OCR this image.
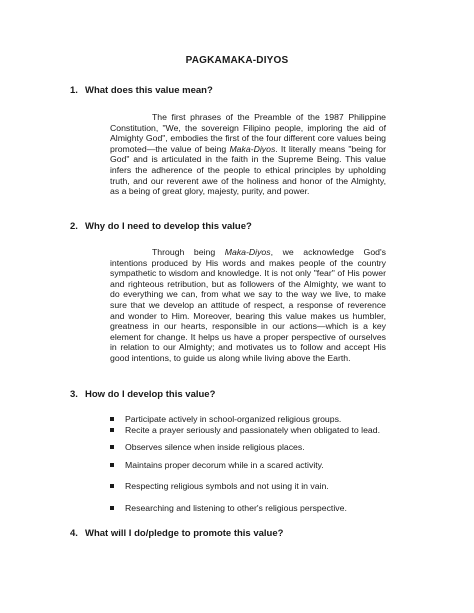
PAGKAMAKA-DIYOS
1. What does this value mean?

The first phrases of the Preamble of the 1987 Philippine Constitution, "We, the sovereign Filipino people, imploring the aid of Almighty God", embodies the first of the four different core values being promoted—the value of being Maka-Diyos. It literally means "being for God" and is articulated in the faith in the Supreme Being. This value infers the adherence of the people to ethical principles by upholding truth, and our reverent awe of the holiness and honor of the Almighty, as a being of great glory, majesty, purity, and power.

2. Why do I need to develop this value?

Through being Maka-Diyos, we acknowledge God's intentions produced by His words and makes people of the country sympathetic to wisdom and knowledge. It is not only "fear" of His power and righteous retribution, but as followers of the Almighty, we want to do everything we can, from what we say to the way we live, to make sure that we develop an attitude of respect, a response of reverence and wonder to Him. Moreover, bearing this value makes us humbler, greatness in our hearts, responsible in our actions—which is a key element for change. It helps us have a proper perspective of ourselves in relation to our Almighty; and motivates us to follow and accept His good intentions, to guide us along while living above the Earth.

3. How do I develop this value?
Participate actively in school-organized religious groups.
Recite a prayer seriously and passionately when obligated to lead.
Observes silence when inside religious places.
Maintains proper decorum while in a scared activity.
Respecting religious symbols and not using it in vain.
Researching and listening to other's religious perspective.
4. What will I do/pledge to promote this value?
